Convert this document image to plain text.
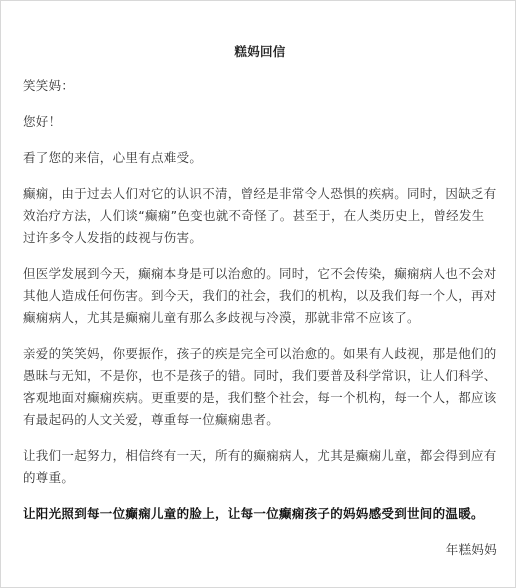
糕妈回信

笑笑妈：

您好！

看了您的来信，心里有点难受。

癫痫，由于过去人们对它的认识不清，曾经是非常令人恐惧的疾病。同时，因缺乏有效治疗方法，人们谈“癫痫”色变也就不奇怪了。甚至于，在人类历史上，曾经发生过许多令人发指的歧视与伤害。

但医学发展到今天，癫痫本身是可以治愈的。同时，它不会传染，癫痫病人也不会对其他人造成任何伤害。到今天，我们的社会，我们的机构，以及我们每一个人，再对癫痫病人，尤其是癫痫儿童有那么多歧视与冷漠，那就非常不应该了。

亲爱的笑笑妈，你要振作，孩子的疾是完全可以治愈的。如果有人歧视，那是他们的愚昧与无知，不是你，也不是孩子的错。同时，我们要普及科学常识，让人们科学、客观地面对癫痫疾病。更重要的是，我们整个社会，每一个机构，每一个人，都应该有最起码的人文关爱，尊重每一位癫痫患者。

让我们一起努力，相信终有一天，所有的癫痫病人，尤其是癫痫儿童，都会得到应有的尊重。

让阳光照到每一位癫痫儿童的脸上，让每一位癫痫孩子的妈妈感受到世间的温暖。

年糕妈妈
